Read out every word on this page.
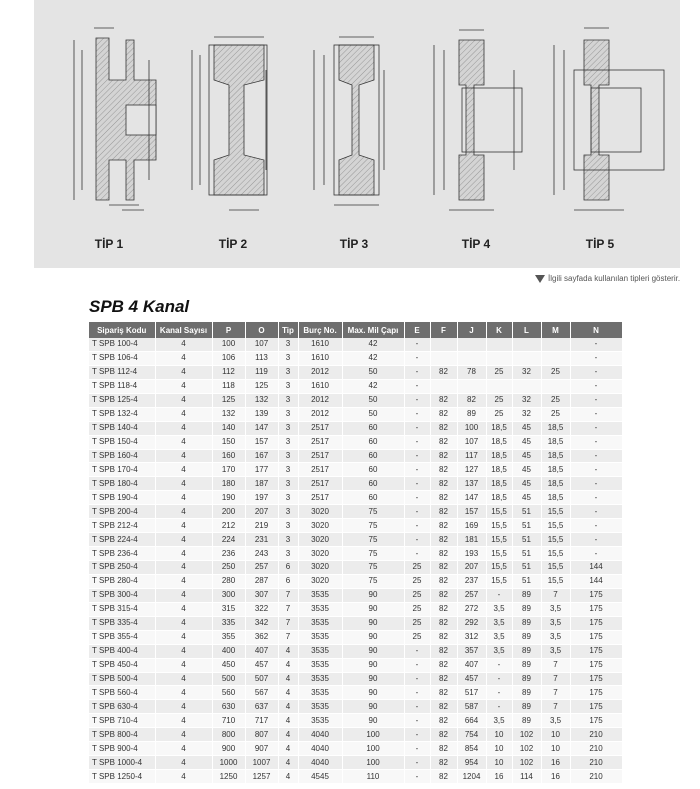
TİP 1	TİP 2	TİP 3	TİP 4	TİP 5
İlgili sayfada kullanılan tipleri gösterir.
SPB 4 Kanal
Sipariş Kodu	Kanal Sayısı	P	O	Tip	Burç No.	Max. Mil Çapı	E	F	J	K	L	M	N
T SPB 100-4	4	100	107	3	1610	42	-						-
T SPB 106-4	4	106	113	3	1610	42	-						-
T SPB 112-4	4	112	119	3	2012	50	-	82	78	25	32	25	-
T SPB 118-4	4	118	125	3	1610	42	-						-
T SPB 125-4	4	125	132	3	2012	50	-	82	82	25	32	25	-
T SPB 132-4	4	132	139	3	2012	50	-	82	89	25	32	25	-
T SPB 140-4	4	140	147	3	2517	60	-	82	100	18,5	45	18,5	-
T SPB 150-4	4	150	157	3	2517	60	-	82	107	18,5	45	18,5	-
T SPB 160-4	4	160	167	3	2517	60	-	82	117	18,5	45	18,5	-
T SPB 170-4	4	170	177	3	2517	60	-	82	127	18,5	45	18,5	-
T SPB 180-4	4	180	187	3	2517	60	-	82	137	18,5	45	18,5	-
T SPB 190-4	4	190	197	3	2517	60	-	82	147	18,5	45	18,5	-
T SPB 200-4	4	200	207	3	3020	75	-	82	157	15,5	51	15,5	-
T SPB 212-4	4	212	219	3	3020	75	-	82	169	15,5	51	15,5	-
T SPB 224-4	4	224	231	3	3020	75	-	82	181	15,5	51	15,5	-
T SPB 236-4	4	236	243	3	3020	75	-	82	193	15,5	51	15,5	-
T SPB 250-4	4	250	257	6	3020	75	25	82	207	15,5	51	15,5	144
T SPB 280-4	4	280	287	6	3020	75	25	82	237	15,5	51	15,5	144
T SPB 300-4	4	300	307	7	3535	90	25	82	257	-	89	7	175
T SPB 315-4	4	315	322	7	3535	90	25	82	272	3,5	89	3,5	175
T SPB 335-4	4	335	342	7	3535	90	25	82	292	3,5	89	3,5	175
T SPB 355-4	4	355	362	7	3535	90	25	82	312	3,5	89	3,5	175
T SPB 400-4	4	400	407	4	3535	90	-	82	357	3,5	89	3,5	175
T SPB 450-4	4	450	457	4	3535	90	-	82	407	-	89	7	175
T SPB 500-4	4	500	507	4	3535	90	-	82	457	-	89	7	175
T SPB 560-4	4	560	567	4	3535	90	-	82	517	-	89	7	175
T SPB 630-4	4	630	637	4	3535	90	-	82	587	-	89	7	175
T SPB 710-4	4	710	717	4	3535	90	-	82	664	3,5	89	3,5	175
T SPB 800-4	4	800	807	4	4040	100	-	82	754	10	102	10	210
T SPB 900-4	4	900	907	4	4040	100	-	82	854	10	102	10	210
T SPB 1000-4	4	1000	1007	4	4040	100	-	82	954	10	102	16	210
T SPB 1250-4	4	1250	1257	4	4545	110	-	82	1204	16	114	16	210
